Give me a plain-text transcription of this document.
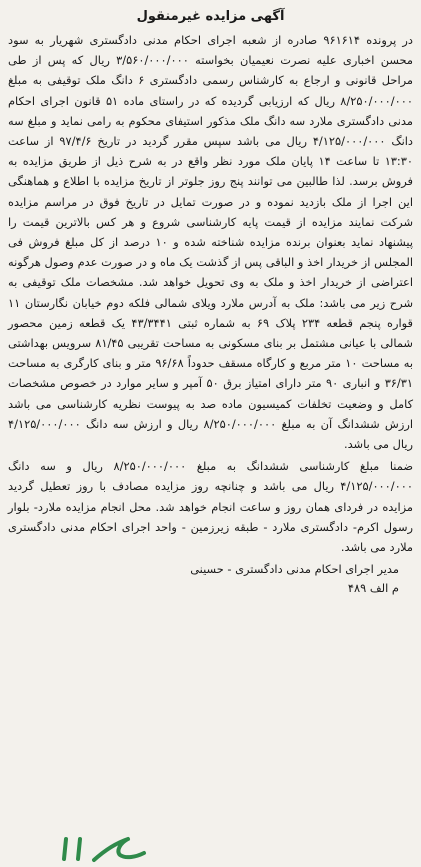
آگهی مزایده غیرمنقول

در پرونده ۹۶۱۶۱۴ صادره از شعبه اجرای احکام مدنی دادگستری شهریار به سود محسن اخباری علیه نصرت نعیمیان بخواسته ۳/۵۶۰/۰۰۰/۰۰۰ ریال که پس از طی مراحل قانونی و ارجاع به کارشناس رسمی دادگستری ۶ دانگ ملک توقیفی به مبلغ ۸/۲۵۰/۰۰۰/۰۰۰ ریال که ارزیابی گردیده که در راستای ماده ۵۱ قانون اجرای احکام مدنی دادگستری ملارد سه دانگ ملک مذکور استیفای محکوم به رامی نماید و مبلغ سه دانگ ۴/۱۲۵/۰۰۰/۰۰۰ ریال می باشد سپس مقرر گردید در تاریخ ۹۷/۴/۶ از ساعت ۱۳:۳۰ تا ساعت ۱۴ پایان ملک مورد نظر واقع در به شرح ذیل از طریق مزایده به فروش برسد. لذا طالبین می توانند پنج روز جلوتر از تاریخ مزایده با اطلاع و هماهنگی این اجرا از ملک بازدید نموده و در صورت تمایل در تاریخ فوق در مراسم مزایده شرکت نمایند مزایده از قیمت پایه کارشناسی شروع و هر کس بالاترین قیمت را پیشنهاد نماید بعنوان برنده مزایده شناخته شده و ۱۰ درصد از کل مبلغ فروش فی المجلس از خریدار اخذ و الباقی پس از گذشت یک ماه و در صورت عدم وصول هرگونه اعتراضی از خریدار اخذ و ملک به وی تحویل خواهد شد. مشخصات ملک توقیفی به شرح زیر می باشد: ملک به آدرس ملارد ویلای شمالی فلکه دوم خیابان نگارستان ۱۱ قواره پنجم قطعه ۲۳۴ پلاک ۶۹ به شماره ثبتی ۴۳/۳۴۴۱ یک قطعه زمین محصور شمالی با عیانی مشتمل بر بنای مسکونی به مساحت تقریبی ۸۱/۴۵ سرویس بهداشتی به مساحت ۱۰ متر مربع و کارگاه مسقف حدوداً ۹۶/۶۸ متر و بنای کارگری به مساحت ۳۶/۳۱ و انباری ۹۰ متر دارای امتیاز برق ۵۰ آمپر و سایر موارد در خصوص مشخصات کامل و وضعیت تخلفات کمیسیون ماده صد به پیوست نظریه کارشناسی می باشد ارزش ششدانگ آن به مبلغ ۸/۲۵۰/۰۰۰/۰۰۰ ریال و ارزش سه دانگ ۴/۱۲۵/۰۰۰/۰۰۰ ریال می باشد.

ضمنا مبلغ کارشناسی ششدانگ به مبلغ ۸/۲۵۰/۰۰۰/۰۰۰ ریال و سه دانگ ۴/۱۲۵/۰۰۰/۰۰۰ ریال می باشد و چنانچه روز مزایده مصادف با روز تعطیل گردید مزایده در فردای همان روز و ساعت انجام خواهد شد. محل انجام مزایده ملارد- بلوار رسول اکرم- دادگستری ملارد - طبقه زیرزمین - واحد اجرای احکام مدنی دادگستری ملارد می باشد.

مدیر اجرای احکام مدنی دادگستری - حسینی
م الف ۴۸۹
